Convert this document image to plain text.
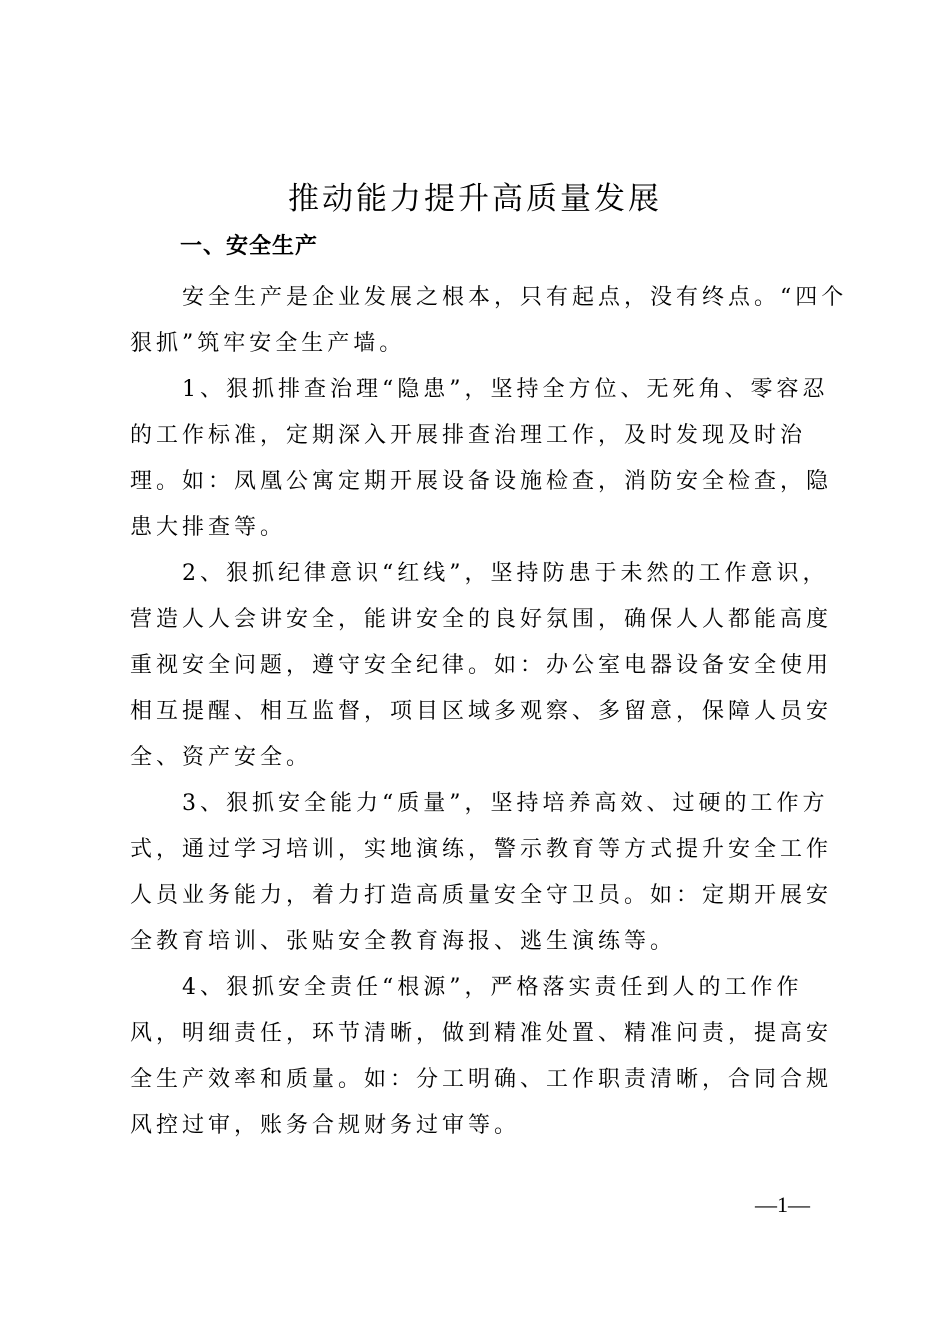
推动能力提升高质量发展
一、安全生产

安全生产是企业发展之根本，只有起点，没有终点。“四个狠抓”筑牢安全生产墙。

1、狠抓排查治理“隐患”，坚持全方位、无死角、零容忍的工作标准，定期深入开展排查治理工作，及时发现及时治理。如：凤凰公寓定期开展设备设施检查，消防安全检查，隐患大排查等。

2、狠抓纪律意识“红线”，坚持防患于未然的工作意识，营造人人会讲安全，能讲安全的良好氛围，确保人人都能高度重视安全问题，遵守安全纪律。如：办公室电器设备安全使用相互提醒、相互监督，项目区域多观察、多留意，保障人员安全、资产安全。

3、狠抓安全能力“质量”，坚持培养高效、过硬的工作方式，通过学习培训，实地演练，警示教育等方式提升安全工作人员业务能力，着力打造高质量安全守卫员。如：定期开展安全教育培训、张贴安全教育海报、逃生演练等。

4、狠抓安全责任“根源”，严格落实责任到人的工作作风，明细责任，环节清晰，做到精准处置、精准问责，提高安全生产效率和质量。如：分工明确、工作职责清晰，合同合规风控过审，账务合规财务过审等。

—1—
